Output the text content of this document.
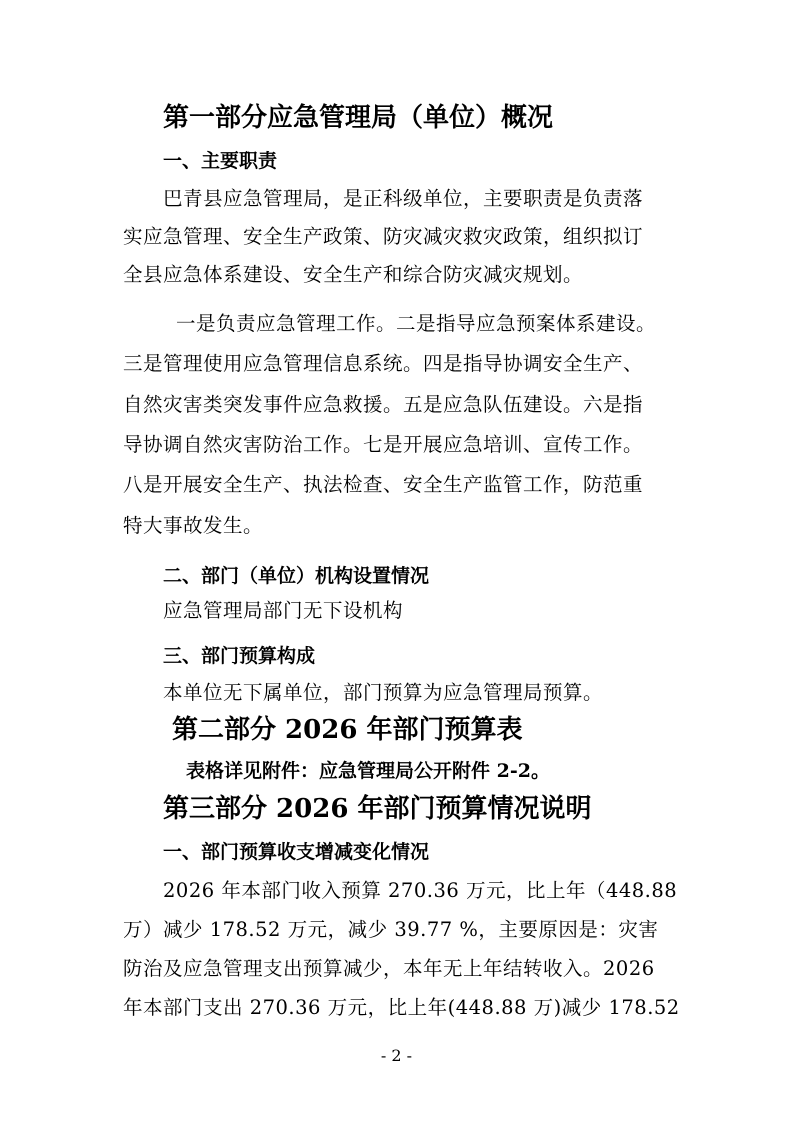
第一部分应急管理局（单位）概况
一、主要职责
巴青县应急管理局，是正科级单位，主要职责是负责落
实应急管理、安全生产政策、防灾减灾救灾政策，组织拟订
全县应急体系建设、安全生产和综合防灾减灾规划。
一是负责应急管理工作。二是指导应急预案体系建设。
三是管理使用应急管理信息系统。四是指导协调安全生产、
自然灾害类突发事件应急救援。五是应急队伍建设。六是指
导协调自然灾害防治工作。七是开展应急培训、宣传工作。
八是开展安全生产、执法检查、安全生产监管工作，防范重
特大事故发生。
二、部门（单位）机构设置情况
应急管理局部门无下设机构
三、部门预算构成
本单位无下属单位，部门预算为应急管理局预算。
第二部分 2026 年部门预算表
表格详见附件：应急管理局公开附件 2-2。
第三部分 2026 年部门预算情况说明
一、部门预算收支增减变化情况
2026 年本部门收入预算 270.36 万元，比上年（448.88
万）减少 178.52 万元，减少 39.77 %，主要原因是：灾害
防治及应急管理支出预算减少，本年无上年结转收入。2026
年本部门支出 270.36 万元，比上年(448.88 万)减少 178.52
- 2 -
